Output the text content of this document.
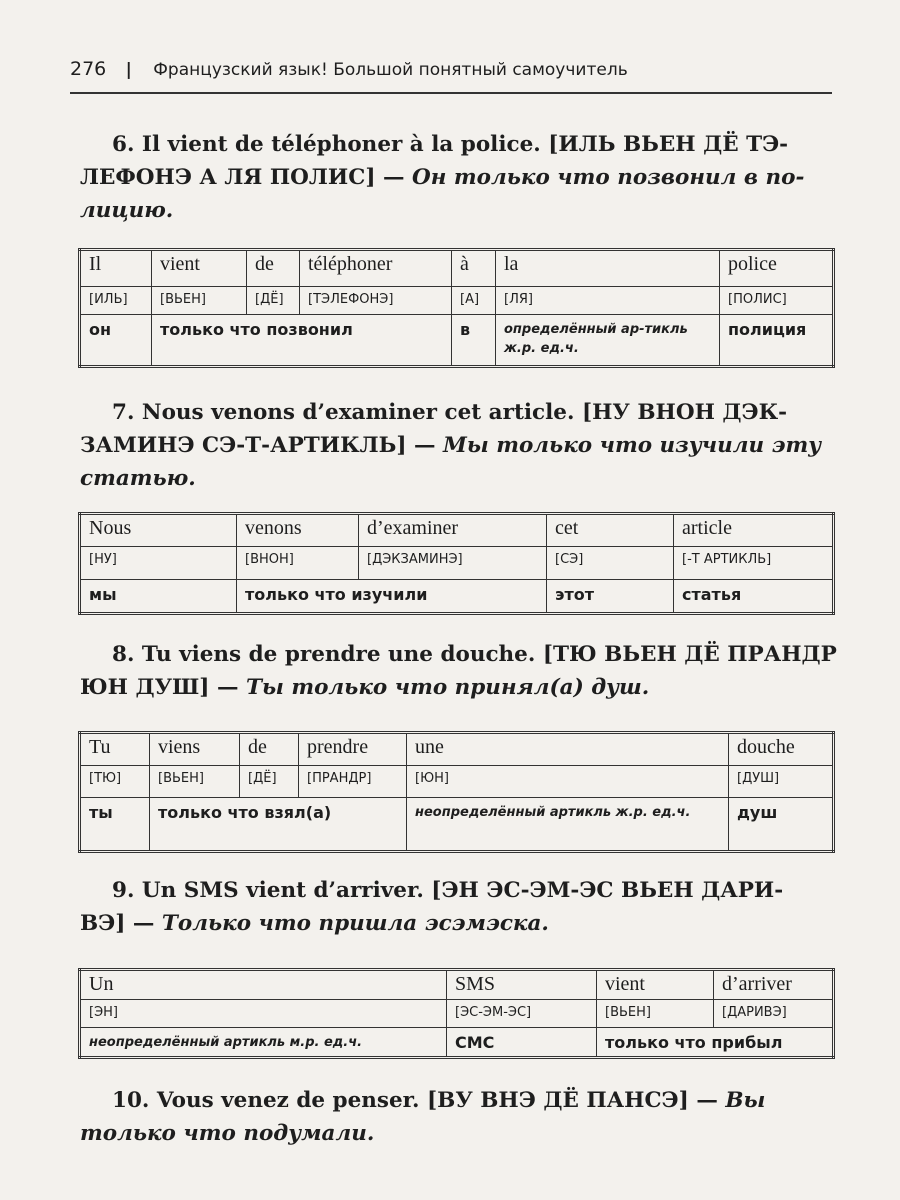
276 | Французский язык! Большой понятный самоучитель
6. Il vient de téléphoner à la police. [ИЛЬ ВЬЕН ДЁ ТЭ-
ЛЕФОНЭ А ЛЯ ПОЛИС] — Он только что позвонил в по-
лицию.
Il	vient	de	téléphoner	à	la	police
[ИЛЬ]	[ВЬЕН]	[ДЁ]	[ТЭЛЕФОНЭ]	[А]	[ЛЯ]	[ПОЛИС]
он	только что позвонил			в	определённый ар-тикль ж.р. ед.ч.	полиция
7. Nous venons d’examiner cet article. [НУ ВНОН ДЭК-
ЗАМИНЭ СЭ-Т-АРТИКЛЬ] — Мы только что изучили эту
статью.
Nous	venons	d’examiner	cet	article
[НУ]	[ВНОН]	[ДЭКЗАМИНЭ]	[СЭ]	[-Т АРТИКЛЬ]
мы	только что изучили		этот	статья
8. Tu viens de prendre une douche. [ТЮ ВЬЕН ДЁ ПРАНДР
ЮН ДУШ] — Ты только что принял(а) душ.
Tu	viens	de	prendre	une	douche
[ТЮ]	[ВЬЕН]	[ДЁ]	[ПРАНДР]	[ЮН]	[ДУШ]
ты	только что взял(а)			неопределённый артикль ж.р. ед.ч.	душ
9. Un SMS vient d’arriver. [ЭН ЭС-ЭМ-ЭС ВЬЕН ДАРИ-
ВЭ] — Только что пришла эсэмэска.
Un	SMS	vient	d’arriver
[ЭН]	[ЭС-ЭМ-ЭС]	[ВЬЕН]	[ДАРИВЭ]
неопределённый артикль м.р. ед.ч.	СМС	только что прибыл	
10. Vous venez de penser. [ВУ ВНЭ ДЁ ПАНСЭ] — Вы
только что подумали.
